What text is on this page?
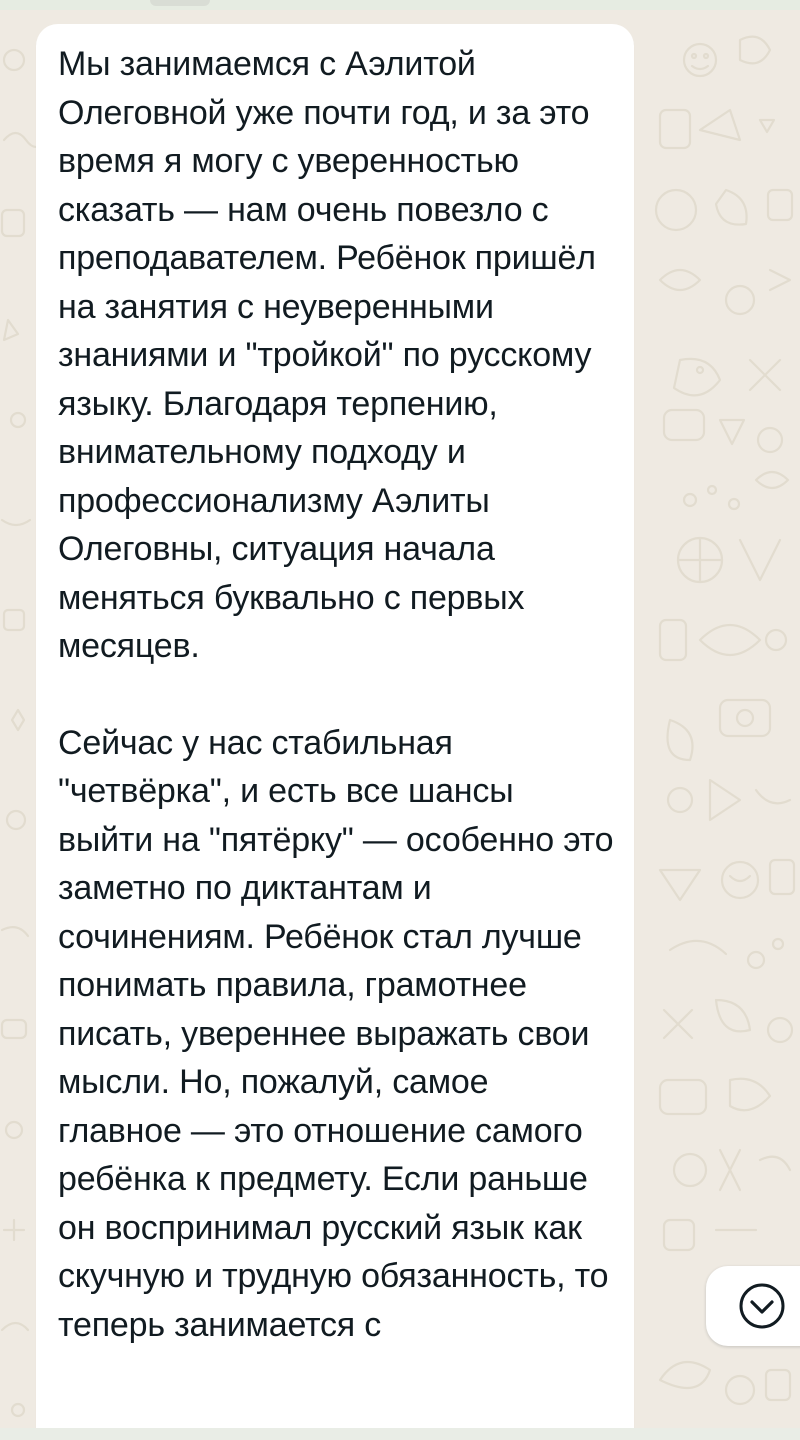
Мы занимаемся с Аэлитой Олеговной уже почти год, и за это время я могу с уверенностью сказать — нам очень повезло с преподавателем. Ребёнок пришёл на занятия с неуверенными знаниями и "тройкой" по русскому языку. Благодаря терпению, внимательному подходу и профессионализму Аэлиты Олеговны, ситуация начала меняться буквально с первых месяцев.

Сейчас у нас стабильная "четвёрка", и есть все шансы выйти на "пятёрку" — особенно это заметно по диктантам и сочинениям. Ребёнок стал лучше понимать правила, грамотнее писать, увереннее выражать свои мысли. Но, пожалуй, самое главное — это отношение самого ребёнка к предмету. Если раньше он воспринимал русский язык как скучную и трудную обязанность, то теперь занимается с
